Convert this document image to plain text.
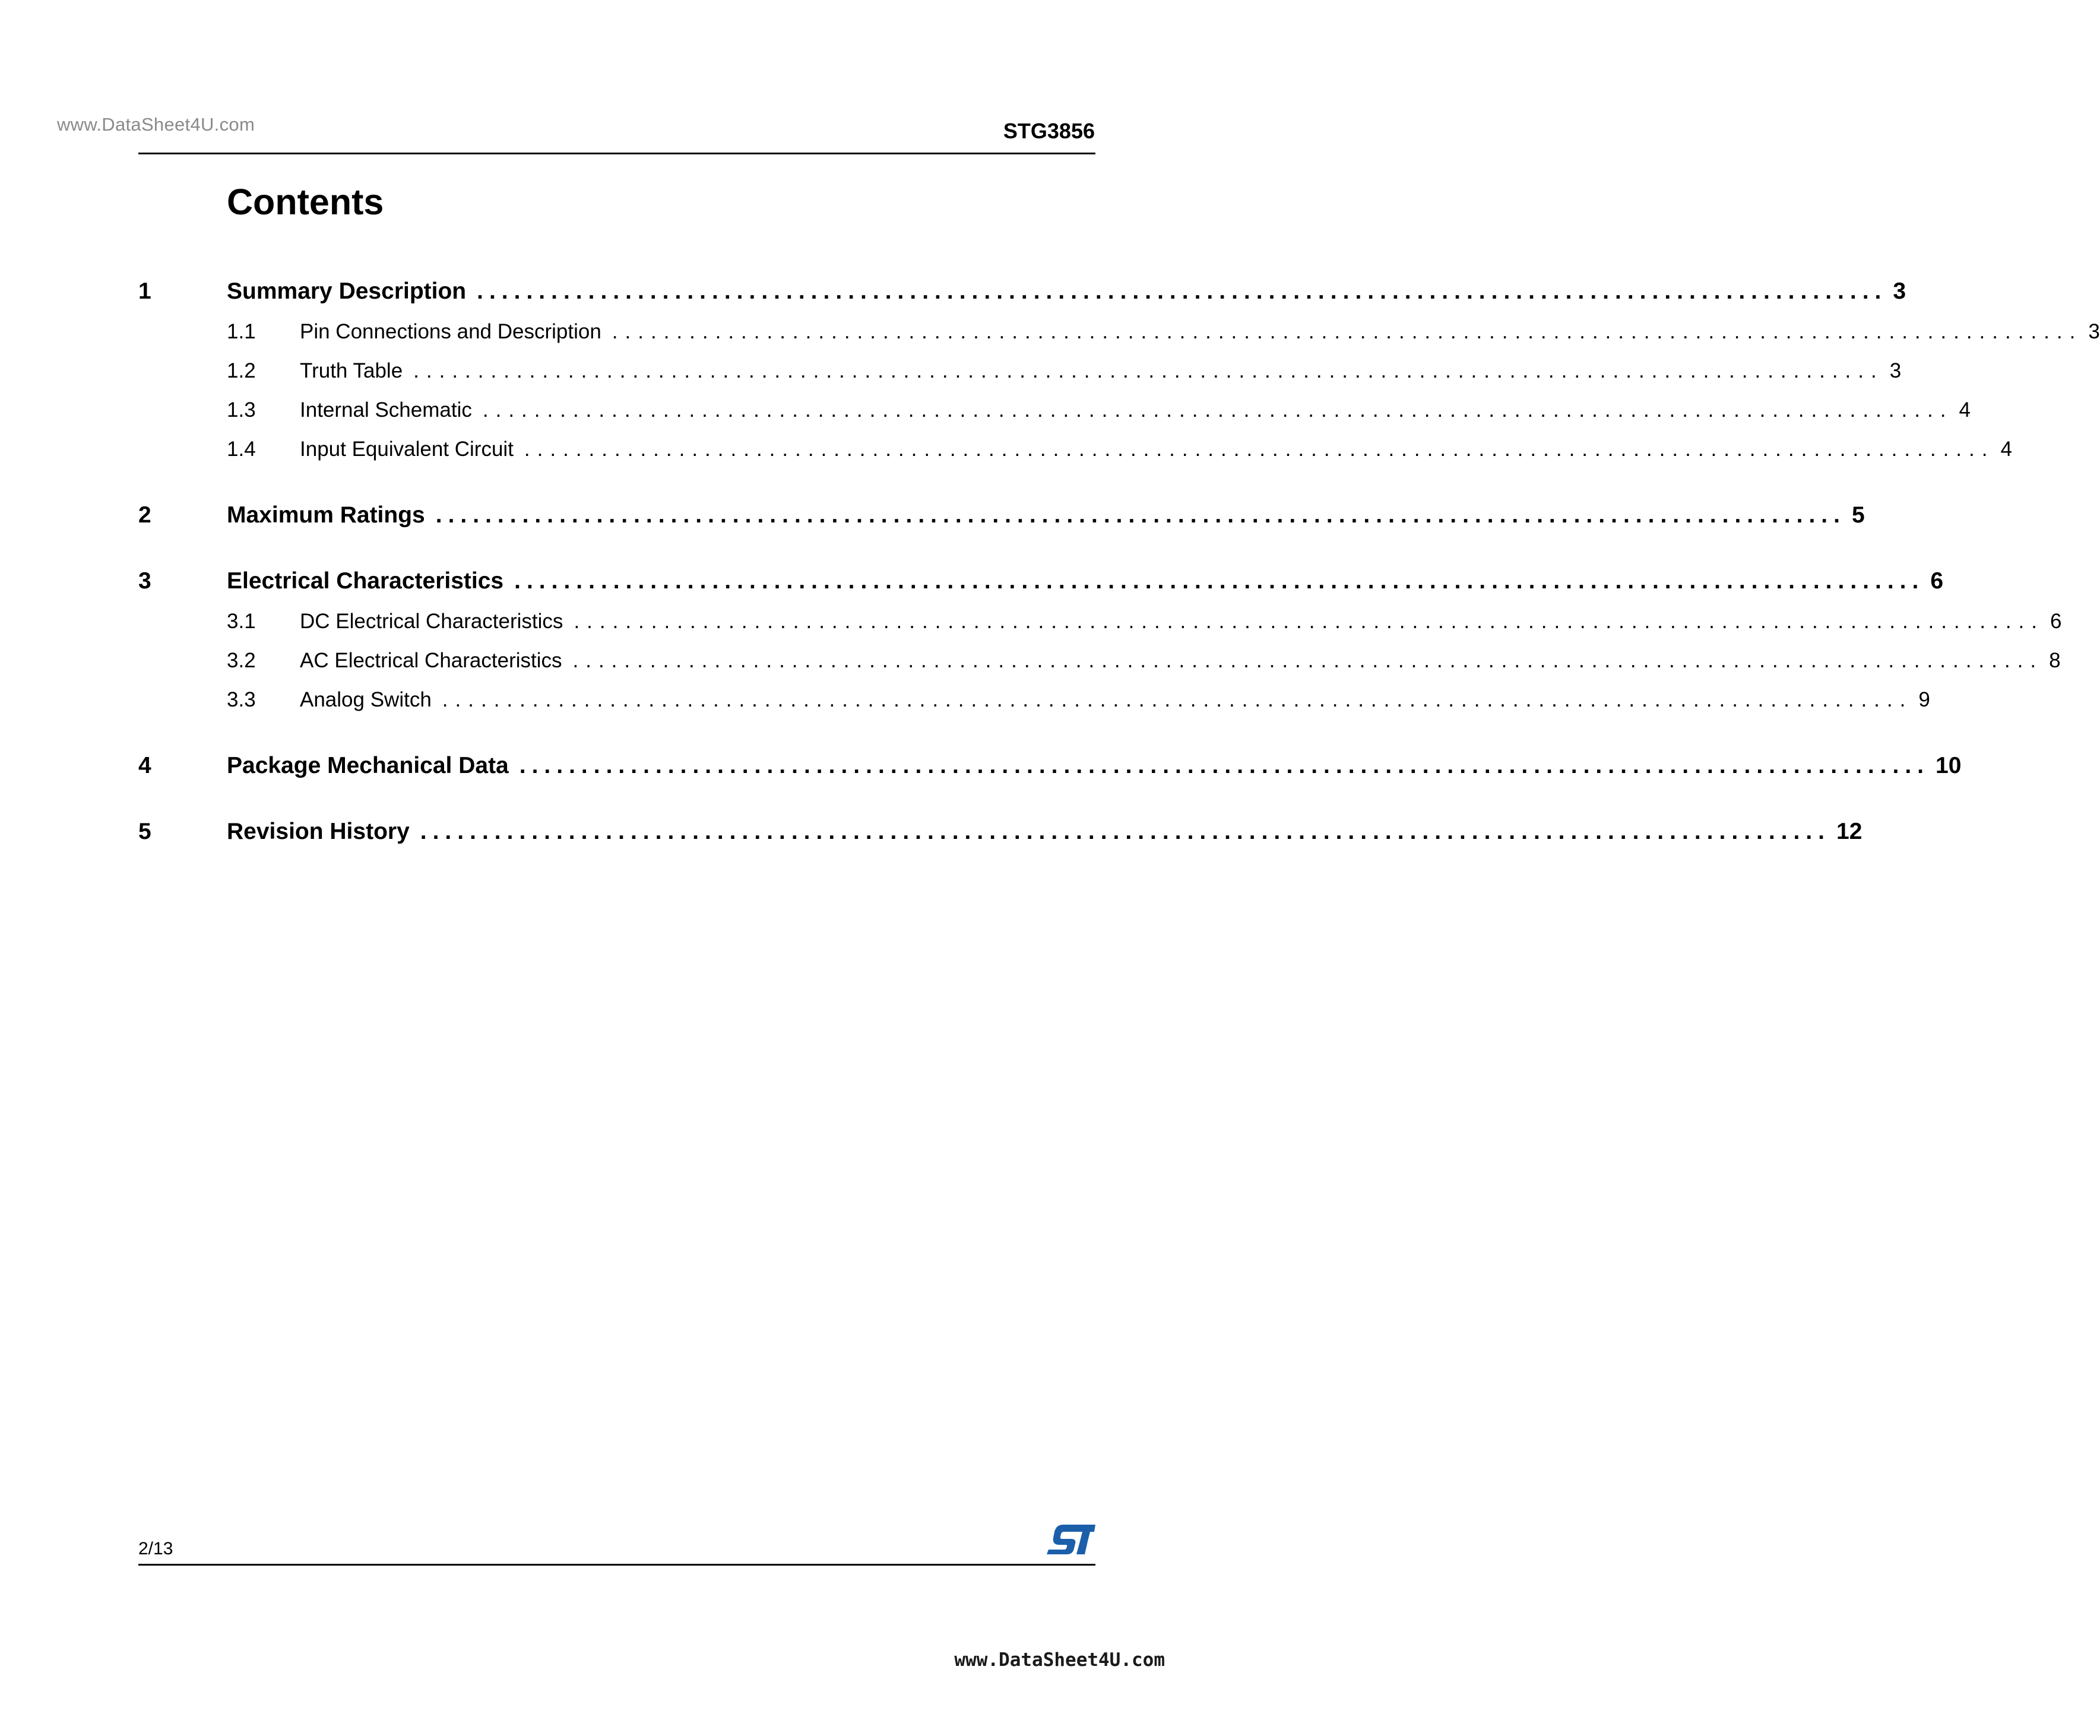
www.DataSheet4U.com	STG3856
Contents
1	Summary Description .................................................................................................................. 3
1.1	Pin Connections and Description .................................................................................................................. 3
1.2	Truth Table .................................................................................................................. 3
1.3	Internal Schematic .................................................................................................................. 4
1.4	Input Equivalent Circuit .................................................................................................................. 4
2	Maximum Ratings .................................................................................................................. 5
3	Electrical Characteristics .................................................................................................................. 6
3.1	DC Electrical Characteristics .................................................................................................................. 6
3.2	AC Electrical Characteristics .................................................................................................................. 8
3.3	Analog Switch .................................................................................................................. 9
4	Package Mechanical Data .................................................................................................................. 10
5	Revision History .................................................................................................................. 12
2/13
www.DataSheet4U.com
